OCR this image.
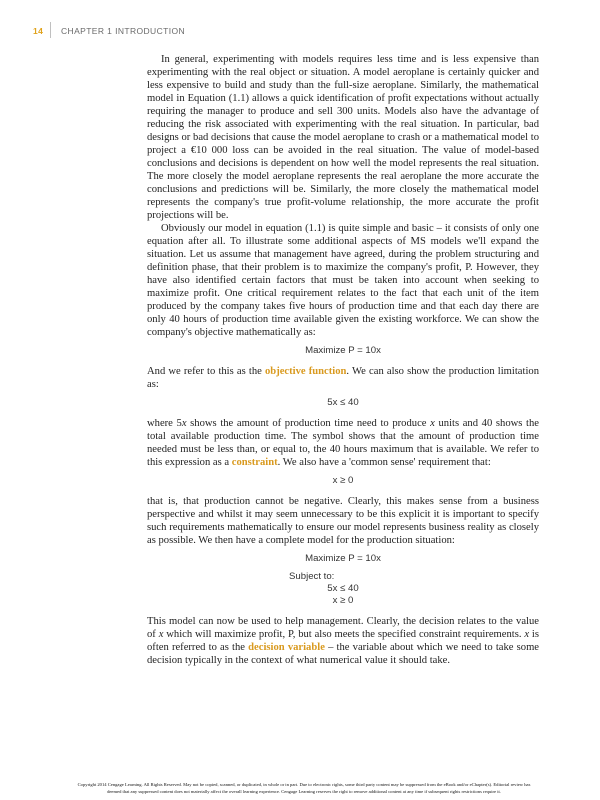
14 CHAPTER 1 INTRODUCTION

In general, experimenting with models requires less time and is less expensive than experimenting with the real object or situation. A model aeroplane is certainly quicker and less expensive to build and study than the full-size aeroplane. Similarly, the mathematical model in Equation (1.1) allows a quick identification of profit expectations without actually requiring the manager to produce and sell 300 units. Models also have the advantage of reducing the risk associated with experimenting with the real situation. In particular, bad designs or bad decisions that cause the model aeroplane to crash or a mathematical model to project a €10 000 loss can be avoided in the real situation. The value of model-based conclusions and decisions is dependent on how well the model represents the real situation. The more closely the model aeroplane represents the real aeroplane the more accurate the conclusions and predictions will be. Similarly, the more closely the mathematical model represents the company's true profit-volume relationship, the more accurate the profit projections will be.

Obviously our model in equation (1.1) is quite simple and basic – it consists of only one equation after all. To illustrate some additional aspects of MS models we'll expand the situation. Let us assume that management have agreed, during the problem structuring and definition phase, that their problem is to maximize the company's profit, P. However, they have also identified certain factors that must be taken into account when seeking to maximize profit. One critical requirement relates to the fact that each unit of the item produced by the company takes five hours of production time and that each day there are only 40 hours of production time available given the existing workforce. We can show the company's objective mathematically as:

Maximize P = 10x

And we refer to this as the objective function. We can also show the production limitation as:

5x ≤ 40

where 5x shows the amount of production time need to produce x units and 40 shows the total available production time. The symbol shows that the amount of production time needed must be less than, or equal to, the 40 hours maximum that is available. We refer to this expression as a constraint. We also have a 'common sense' requirement that:

x ≥ 0

that is, that production cannot be negative. Clearly, this makes sense from a business perspective and whilst it may seem unnecessary to be this explicit it is important to specify such requirements mathematically to ensure our model represents business reality as closely as possible. We then have a complete model for the production situation:

Maximize P = 10x
Subject to:
5x ≤ 40
x ≥ 0

This model can now be used to help management. Clearly, the decision relates to the value of x which will maximize profit, P, but also meets the specified constraint requirements. x is often referred to as the decision variable – the variable about which we need to take some decision typically in the context of what numerical value it should take.

Copyright 2014 Cengage Learning. All Rights Reserved. May not be copied, scanned, or duplicated, in whole or in part. Due to electronic rights, some third party content may be suppressed from the eBook and/or eChapter(s). Editorial review has
deemed that any suppressed content does not materially affect the overall learning experience. Cengage Learning reserves the right to remove additional content at any time if subsequent rights restrictions require it.
